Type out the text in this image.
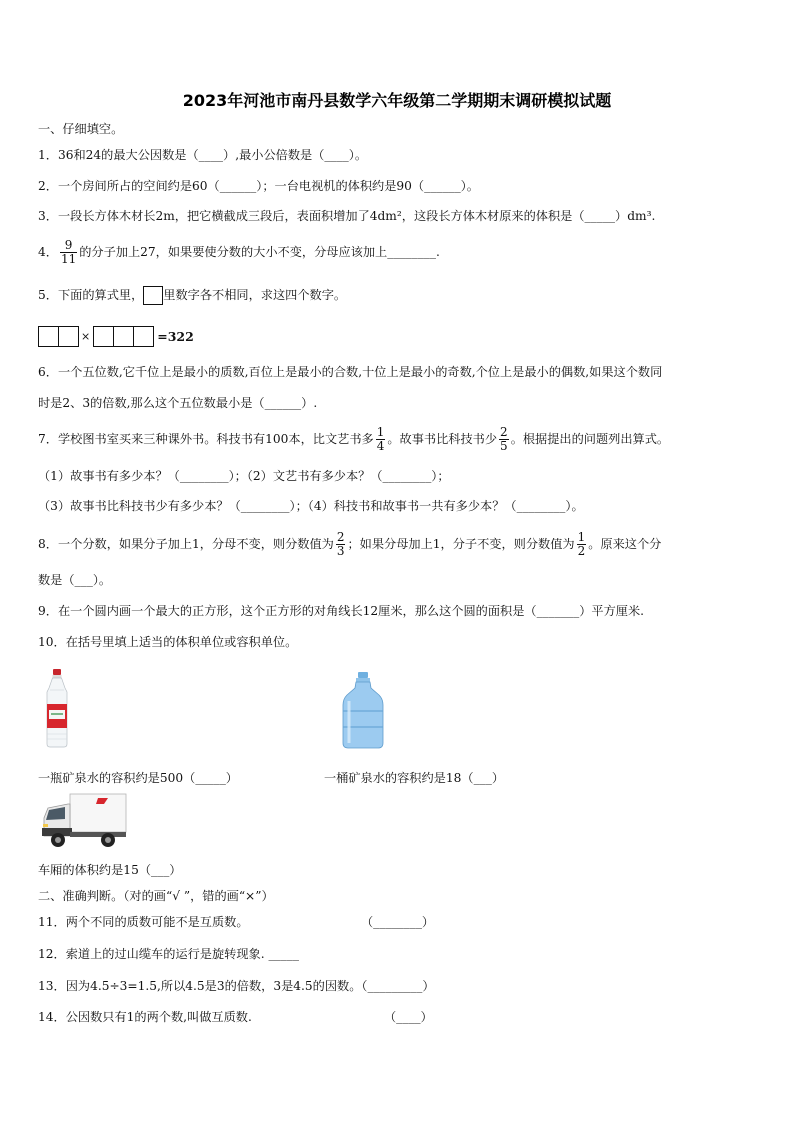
2023年河池市南丹县数学六年级第二学期期末调研模拟试题
一、仔细填空。
1．36和24的最大公因数是（____）,最小公倍数是（____）。
2．一个房间所占的空间约是60（______）；一台电视机的体积约是90（______）。
3．一段长方体木材长2m，把它横截成三段后，表面积增加了4dm²，这段长方体木材原来的体积是（_____）dm³.
4． $\frac{9}{11}$ 的分子加上27，如果要使分数的大小不变，分母应该加上________.
5．下面的算式里， 里数字各不相同，求这四个数字。
×	=322
6．一个五位数,它千位上是最小的质数,百位上是最小的合数,十位上是最小的奇数,个位上是最小的偶数,如果这个数同
时是2、3的倍数,那么这个五位数最小是（______）.
7．学校图书室买来三种课外书。科技书有100本，比文艺书多 $\frac{1}{4}$ 。故事书比科技书少 $\frac{2}{5}$ 。根据提出的问题列出算式。
（1）故事书有多少本？（________）；（2）文艺书有多少本？（________）；
（3）故事书比科技书少有多少本？（________）；（4）科技书和故事书一共有多少本？（________）。
8．一个分数，如果分子加上1，分母不变，则分数值为 $\frac{2}{3}$ ；如果分母加上1，分子不变，则分数值为 $\frac{1}{2}$ 。原来这个分
数是（___）。
9．在一个圆内画一个最大的正方形，这个正方形的对角线长12厘米，那么这个圆的面积是（_______）平方厘米.
10．在括号里填上适当的体积单位或容积单位。
一瓶矿泉水的容积约是500（_____）	一桶矿泉水的容积约是18（___）
车厢的体积约是15（___）
二、准确判断。（对的画“√ ”，错的画“×”）
11．两个不同的质数可能不是互质数。	（________）
12．索道上的过山缆车的运行是旋转现象. _____
13．因为4.5÷3=1.5,所以4.5是3的倍数，3是4.5的因数。（_________）
14．公因数只有1的两个数,叫做互质数.	（____）
